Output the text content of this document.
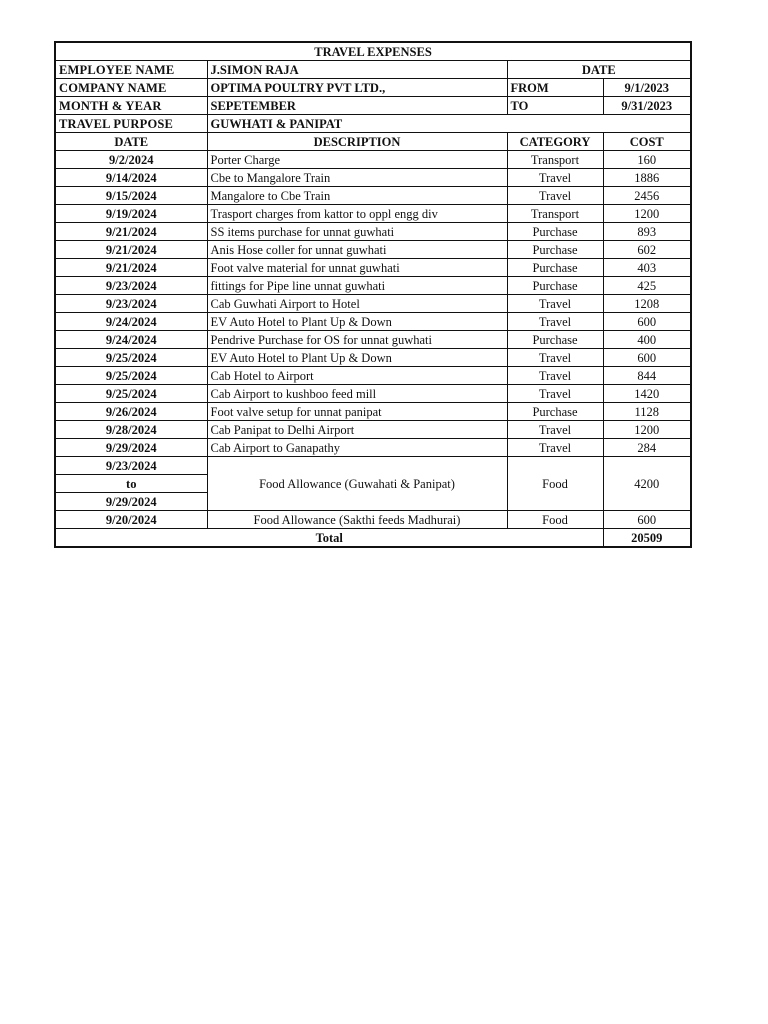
TRAVEL EXPENSES			
EMPLOYEE NAME	J.SIMON RAJA	DATE	
COMPANY NAME	OPTIMA POULTRY PVT LTD.,	FROM	9/1/2023
MONTH & YEAR	SEPETEMBER	TO	9/31/2023
TRAVEL PURPOSE	GUWHATI & PANIPAT		
DATE	DESCRIPTION	CATEGORY	COST
9/2/2024	Porter Charge	Transport	160
9/14/2024	Cbe to Mangalore Train	Travel	1886
9/15/2024	Mangalore to Cbe Train	Travel	2456
9/19/2024	Trasport charges from kattor to oppl engg div	Transport	1200
9/21/2024	SS items purchase for unnat guwhati	Purchase	893
9/21/2024	Anis Hose coller for unnat guwhati	Purchase	602
9/21/2024	Foot valve material for unnat guwhati	Purchase	403
9/23/2024	fittings for Pipe line unnat guwhati	Purchase	425
9/23/2024	Cab Guwhati Airport to Hotel	Travel	1208
9/24/2024	EV Auto Hotel to Plant Up & Down	Travel	600
9/24/2024	Pendrive Purchase for OS for unnat guwhati	Purchase	400
9/25/2024	EV Auto Hotel to Plant Up & Down	Travel	600
9/25/2024	Cab Hotel to Airport	Travel	844
9/25/2024	Cab Airport to kushboo feed mill	Travel	1420
9/26/2024	Foot valve setup for unnat panipat	Purchase	1128
9/28/2024	Cab Panipat to Delhi Airport	Travel	1200
9/29/2024	Cab Airport to Ganapathy	Travel	284
9/23/2024	Food Allowance (Guwahati & Panipat)	Food	4200
to			
9/29/2024			
9/20/2024	Food Allowance (Sakthi feeds Madhurai)	Food	600
Total			20509
